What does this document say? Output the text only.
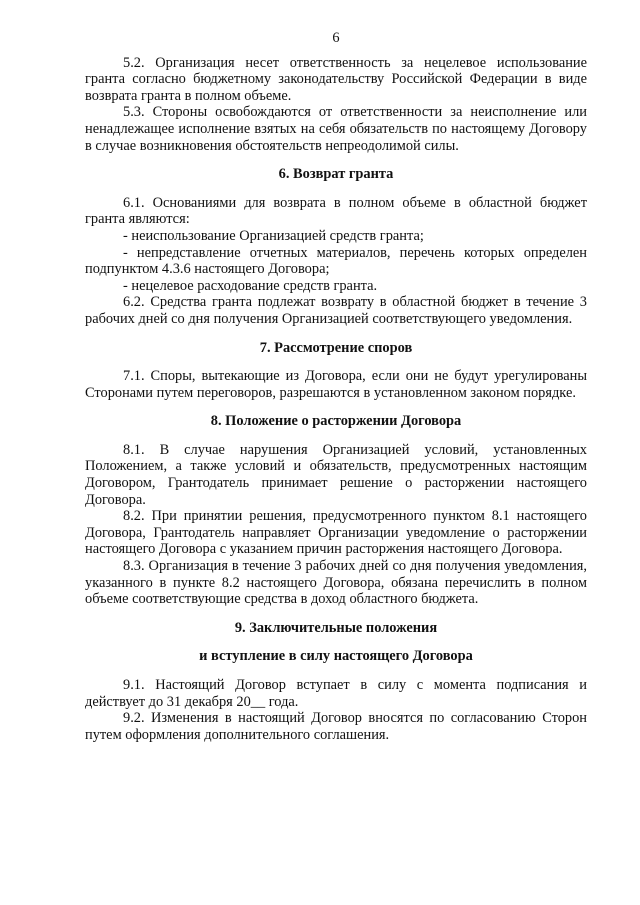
6

5.2. Организация несет ответственность за нецелевое использование гранта согласно бюджетному законодательству Российской Федерации в виде возврата гранта в полном объеме.

5.3. Стороны освобождаются от ответственности за неисполнение или ненадлежащее исполнение взятых на себя обязательств по настоящему Договору в случае возникновения обстоятельств непреодолимой силы.

6. Возврат гранта

6.1. Основаниями для возврата в полном объеме в областной бюджет гранта являются:

- неиспользование Организацией средств гранта;

- непредставление отчетных материалов, перечень которых определен подпунктом 4.3.6 настоящего Договора;

- нецелевое расходование средств гранта.

6.2. Средства гранта подлежат возврату в областной бюджет в течение 3 рабочих дней со дня получения Организацией соответствующего уведомления.

7. Рассмотрение споров

7.1. Споры, вытекающие из Договора, если они не будут урегулированы Сторонами путем переговоров, разрешаются в установленном законом порядке.

8. Положение о расторжении Договора

8.1. В случае нарушения Организацией условий, установленных Положением, а также условий и обязательств, предусмотренных настоящим Договором, Грантодатель принимает решение о расторжении настоящего Договора.

8.2. При принятии решения, предусмотренного пунктом 8.1 настоящего Договора, Грантодатель направляет Организации уведомление о расторжении настоящего Договора с указанием причин расторжения настоящего Договора.

8.3. Организация в течение 3 рабочих дней со дня получения уведомления, указанного в пункте 8.2 настоящего Договора, обязана перечислить в полном объеме соответствующие средства в доход областного бюджета.

9. Заключительные положения
и вступление в силу настоящего Договора

9.1. Настоящий Договор вступает в силу с момента подписания и действует до 31 декабря 20__ года.

9.2. Изменения в настоящий Договор вносятся по согласованию Сторон путем оформления дополнительного соглашения.
